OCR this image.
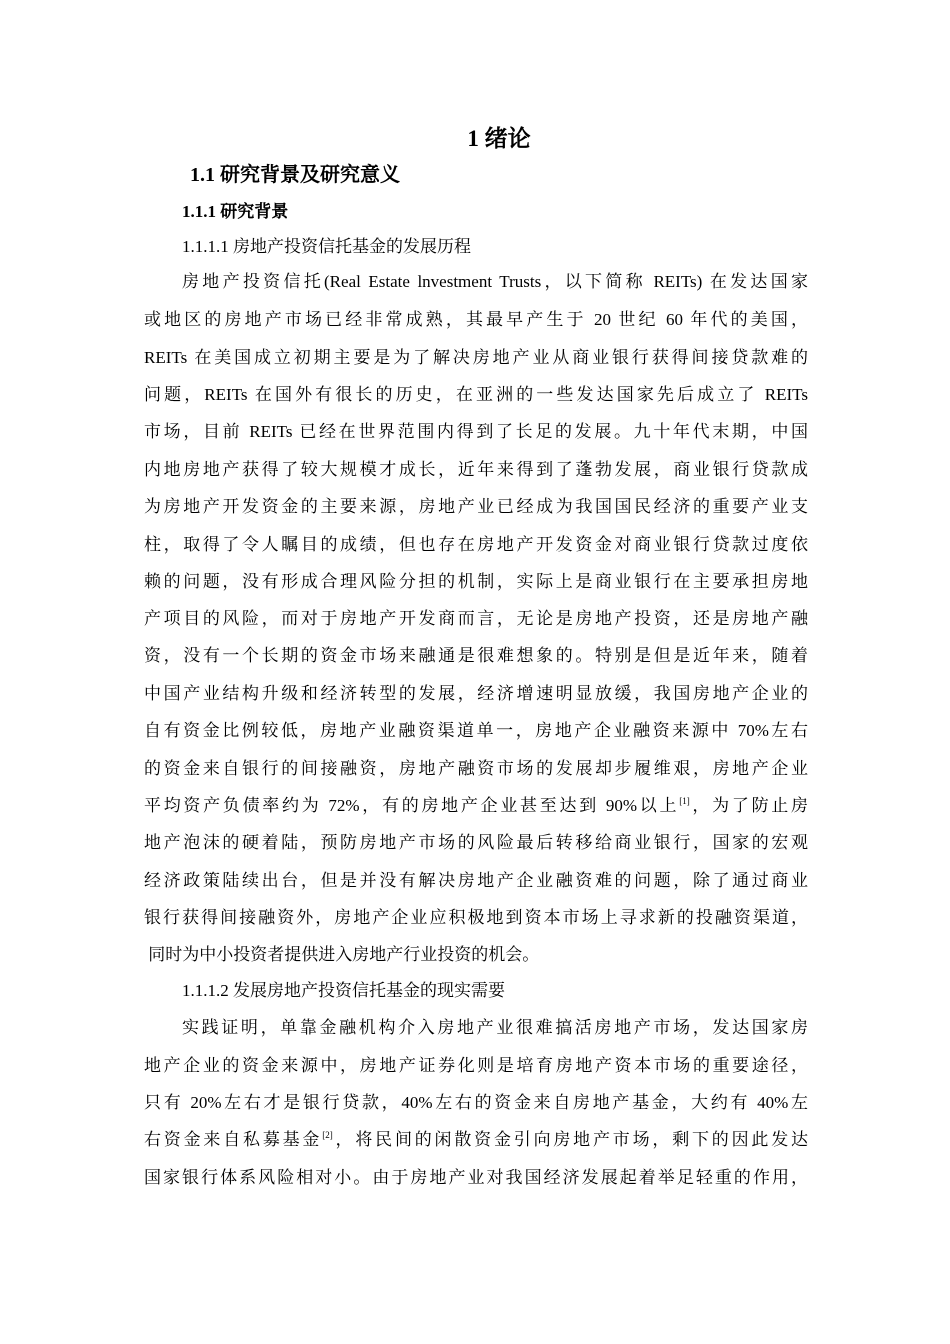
1 绪论
1.1 研究背景及研究意义
1.1.1 研究背景
1.1.1.1 房地产投资信托基金的发展历程
房地产投资信托(Real Estate lnvestment Trusts，以下简称 REITs) 在发达国家
或地区的房地产市场已经非常成熟，其最早产生于 20 世纪 60 年代的美国，
REITs 在美国成立初期主要是为了解决房地产业从商业银行获得间接贷款难的
问题，REITs 在国外有很长的历史，在亚洲的一些发达国家先后成立了 REITs
市场，目前 REITs 已经在世界范围内得到了长足的发展。九十年代末期，中国
内地房地产获得了较大规模才成长，近年来得到了蓬勃发展，商业银行贷款成
为房地产开发资金的主要来源，房地产业已经成为我国国民经济的重要产业支
柱，取得了令人瞩目的成绩，但也存在房地产开发资金对商业银行贷款过度依
赖的问题，没有形成合理风险分担的机制，实际上是商业银行在主要承担房地
产项目的风险，而对于房地产开发商而言，无论是房地产投资，还是房地产融
资，没有一个长期的资金市场来融通是很难想象的。特别是但是近年来，随着
中国产业结构升级和经济转型的发展，经济增速明显放缓，我国房地产企业的
自有资金比例较低，房地产业融资渠道单一，房地产企业融资来源中 70%左右
的资金来自银行的间接融资，房地产融资市场的发展却步履维艰，房地产企业
平均资产负债率约为 72%，有的房地产企业甚至达到 90%以上[1]，为了防止房
地产泡沫的硬着陆，预防房地产市场的风险最后转移给商业银行，国家的宏观
经济政策陆续出台，但是并没有解决房地产企业融资难的问题，除了通过商业
银行获得间接融资外，房地产企业应积极地到资本市场上寻求新的投融资渠道，
同时为中小投资者提供进入房地产行业投资的机会。
1.1.1.2 发展房地产投资信托基金的现实需要
实践证明，单靠金融机构介入房地产业很难搞活房地产市场，发达国家房
地产企业的资金来源中，房地产证券化则是培育房地产资本市场的重要途径，
只有 20%左右才是银行贷款，40%左右的资金来自房地产基金，大约有 40%左
右资金来自私募基金[2]，将民间的闲散资金引向房地产市场，剩下的因此发达
国家银行体系风险相对小。由于房地产业对我国经济发展起着举足轻重的作用，
